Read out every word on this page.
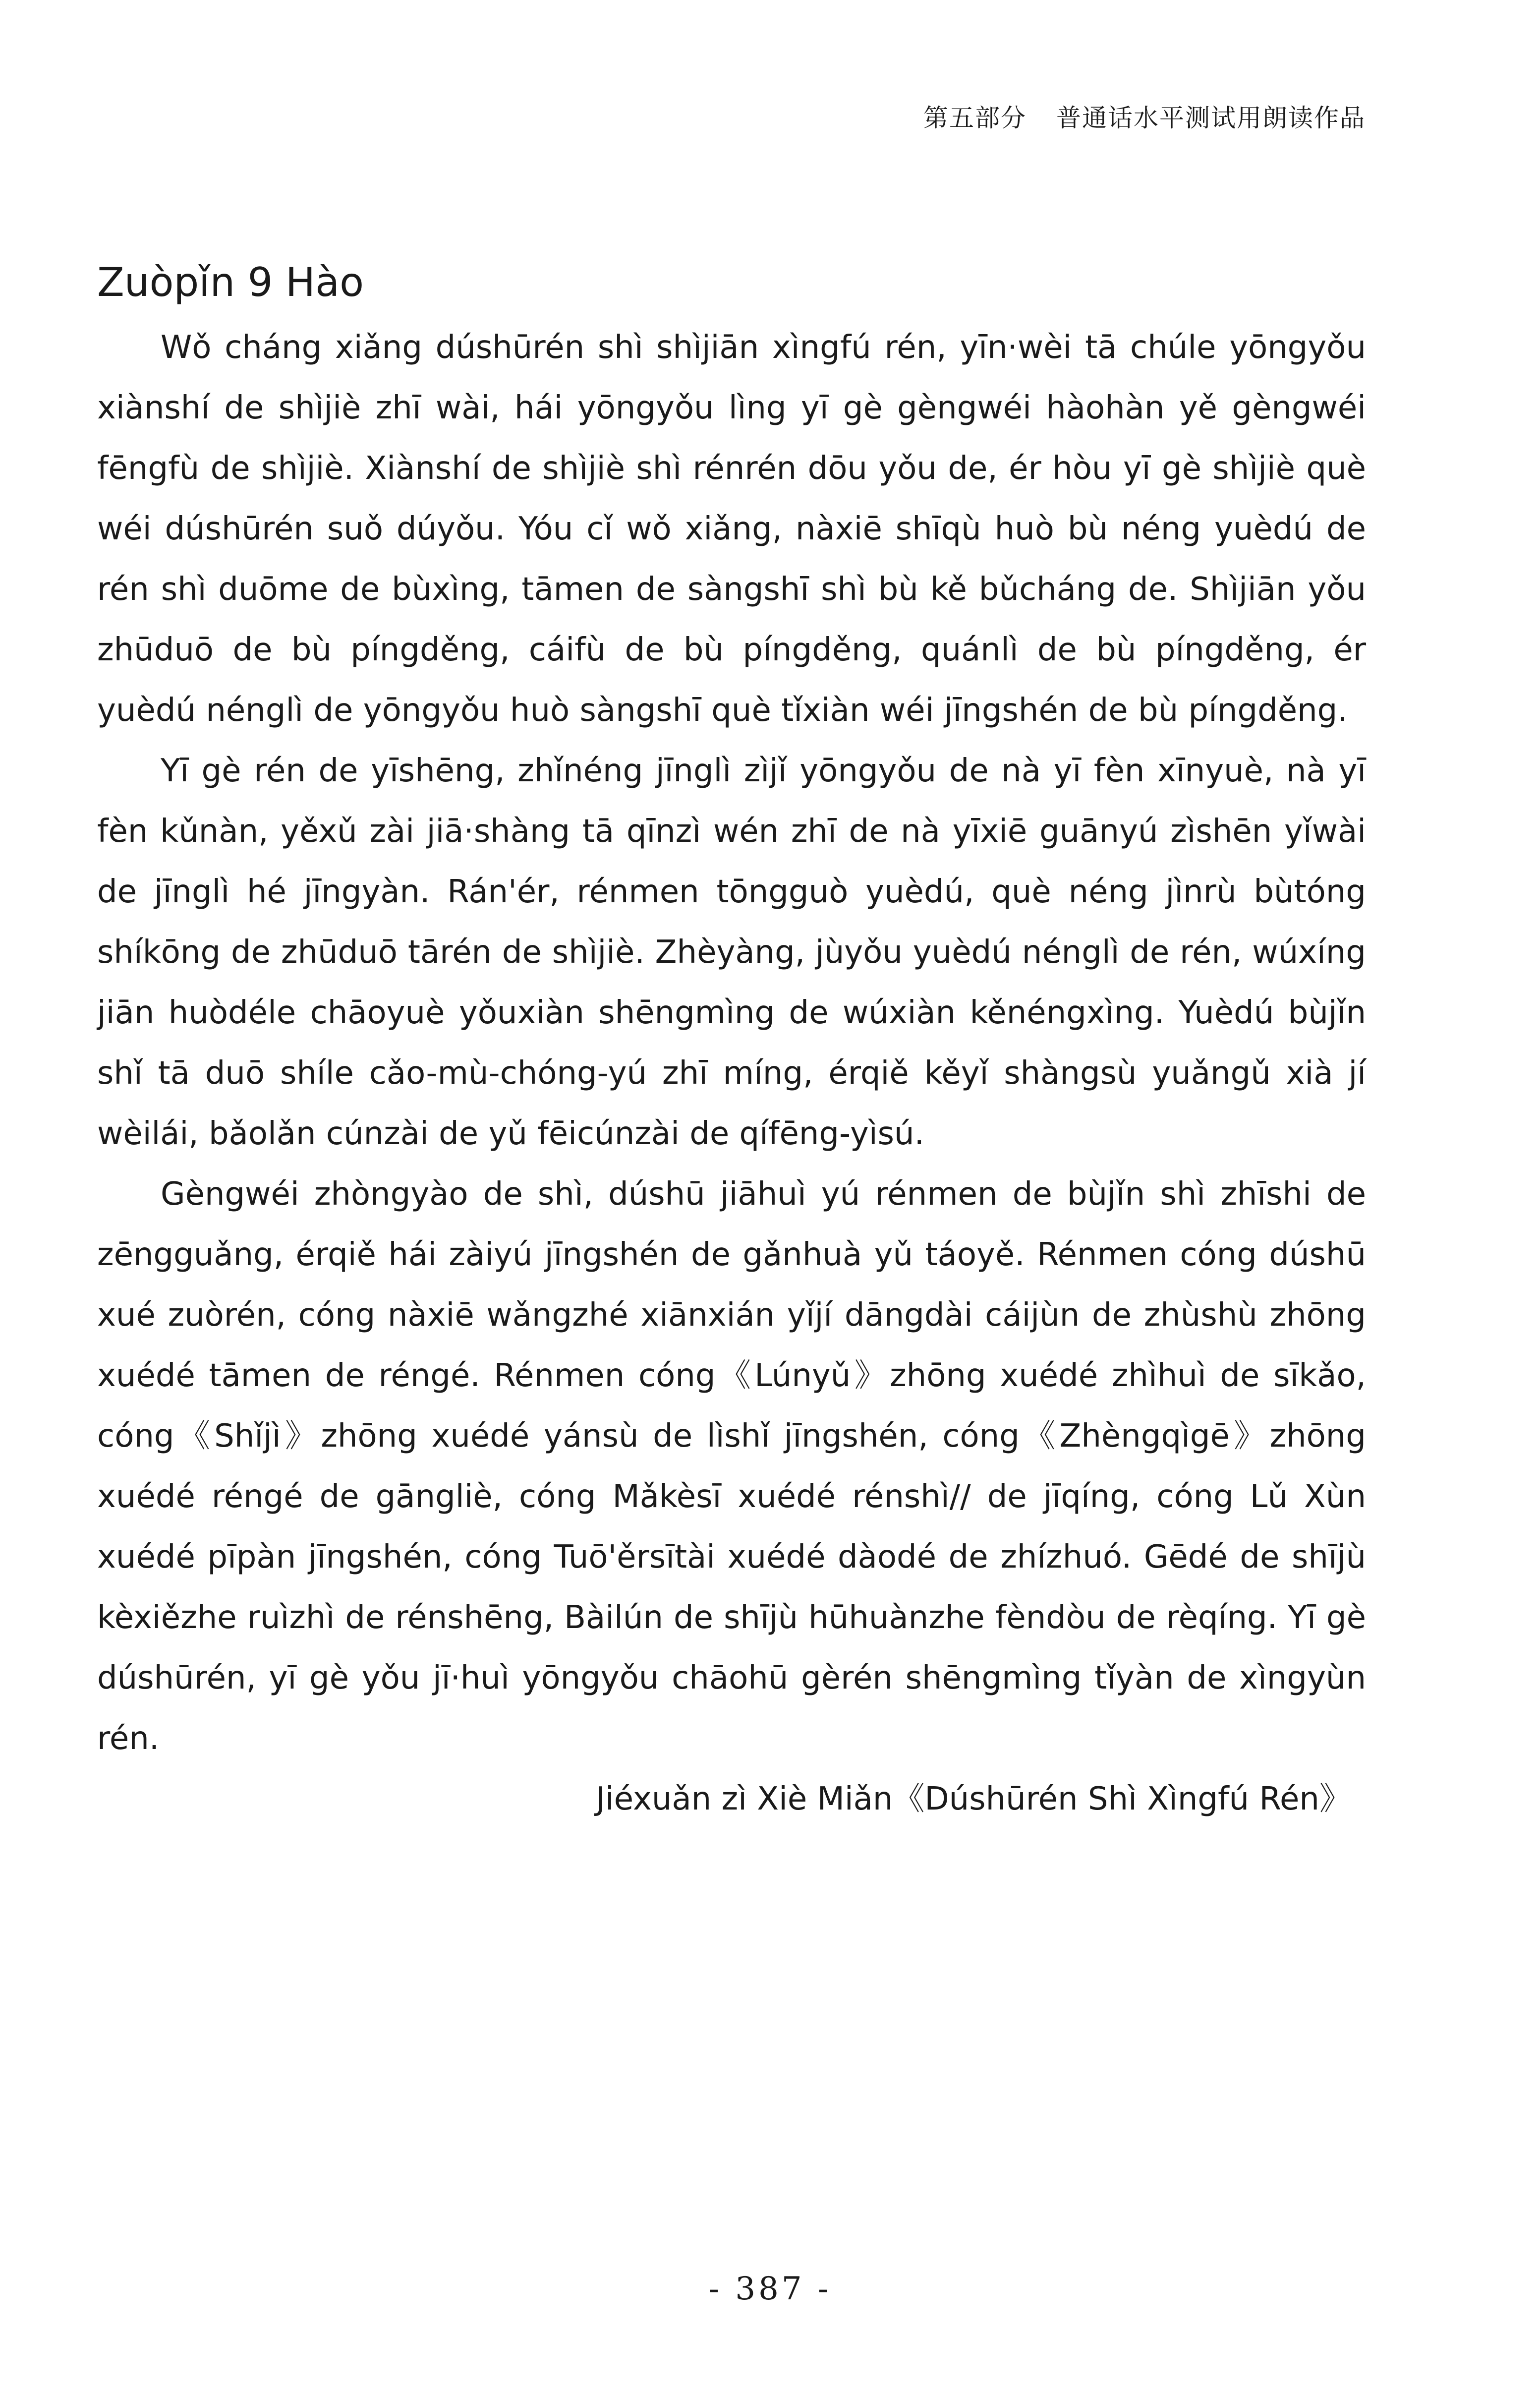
第五部分 普通话水平测试用朗读作品
Zuòpǐn 9 Hào

Wǒ cháng xiǎng dúshūrén shì shìjiān xìngfú rén, yīn·wèi tā chúle yōngyǒu
xiànshí de shìjiè zhī wài, hái yōngyǒu lìng yī gè gèngwéi hàohàn yě gèngwéi
fēngfù de shìjiè. Xiànshí de shìjiè shì rénrén dōu yǒu de, ér hòu yī gè shìjiè què
wéi dúshūrén suǒ dúyǒu. Yóu cǐ wǒ xiǎng, nàxiē shīqù huò bù néng yuèdú de
rén shì duōme de bùxìng, tāmen de sàngshī shì bù kě bǔcháng de. Shìjiān yǒu
zhūduō de bù píngděng, cáifù de bù píngděng, quánlì de bù píngděng, ér
yuèdú nénglì de yōngyǒu huò sàngshī què tǐxiàn wéi jīngshén de bù píngděng.

Yī gè rén de yīshēng, zhǐnéng jīnglì zìjǐ yōngyǒu de nà yī fèn xīnyuè, nà yī
fèn kǔnàn, yěxǔ zài jiā·shàng tā qīnzì wén zhī de nà yīxiē guānyú zìshēn yǐwài
de jīnglì hé jīngyàn. Rán'ér, rénmen tōngguò yuèdú, què néng jìnrù bùtóng
shíkōng de zhūduō tārén de shìjiè. Zhèyàng, jùyǒu yuèdú nénglì de rén, wúxíng
jiān huòdéle chāoyuè yǒuxiàn shēngmìng de wúxiàn kěnéngxìng. Yuèdú bùjǐn
shǐ tā duō shíle cǎo-mù-chóng-yú zhī míng, érqiě kěyǐ shàngsù yuǎngǔ xià jí
wèilái, bǎolǎn cúnzài de yǔ fēicúnzài de qífēng-yìsú.

Gèngwéi zhòngyào de shì, dúshū jiāhuì yú rénmen de bùjǐn shì zhīshi de
zēngguǎng, érqiě hái zàiyú jīngshén de gǎnhuà yǔ táoyě. Rénmen cóng dúshū
xué zuòrén, cóng nàxiē wǎngzhé xiānxián yǐjí dāngdài cáijùn de zhùshù zhōng
xuédé tāmen de réngé. Rénmen cóng《Lúnyǔ》zhōng xuédé zhìhuì de sīkǎo,
cóng《Shǐjì》zhōng xuédé yánsù de lìshǐ jīngshén, cóng《Zhèngqìgē》zhōng
xuédé réngé de gāngliè, cóng Mǎkèsī xuédé rénshì// de jīqíng, cóng Lǔ Xùn
xuédé pīpàn jīngshén, cóng Tuō'ěrsītài xuédé dàodé de zhízhuó. Gēdé de shījù
kèxiězhe ruìzhì de rénshēng, Bàilún de shījù hūhuànzhe fèndòu de rèqíng. Yī gè
dúshūrén, yī gè yǒu jī·huì yōngyǒu chāohū gèrén shēngmìng tǐyàn de xìngyùn
rén.

Jiéxuǎn zì Xiè Miǎn《Dúshūrén Shì Xìngfú Rén》
- 387 -
